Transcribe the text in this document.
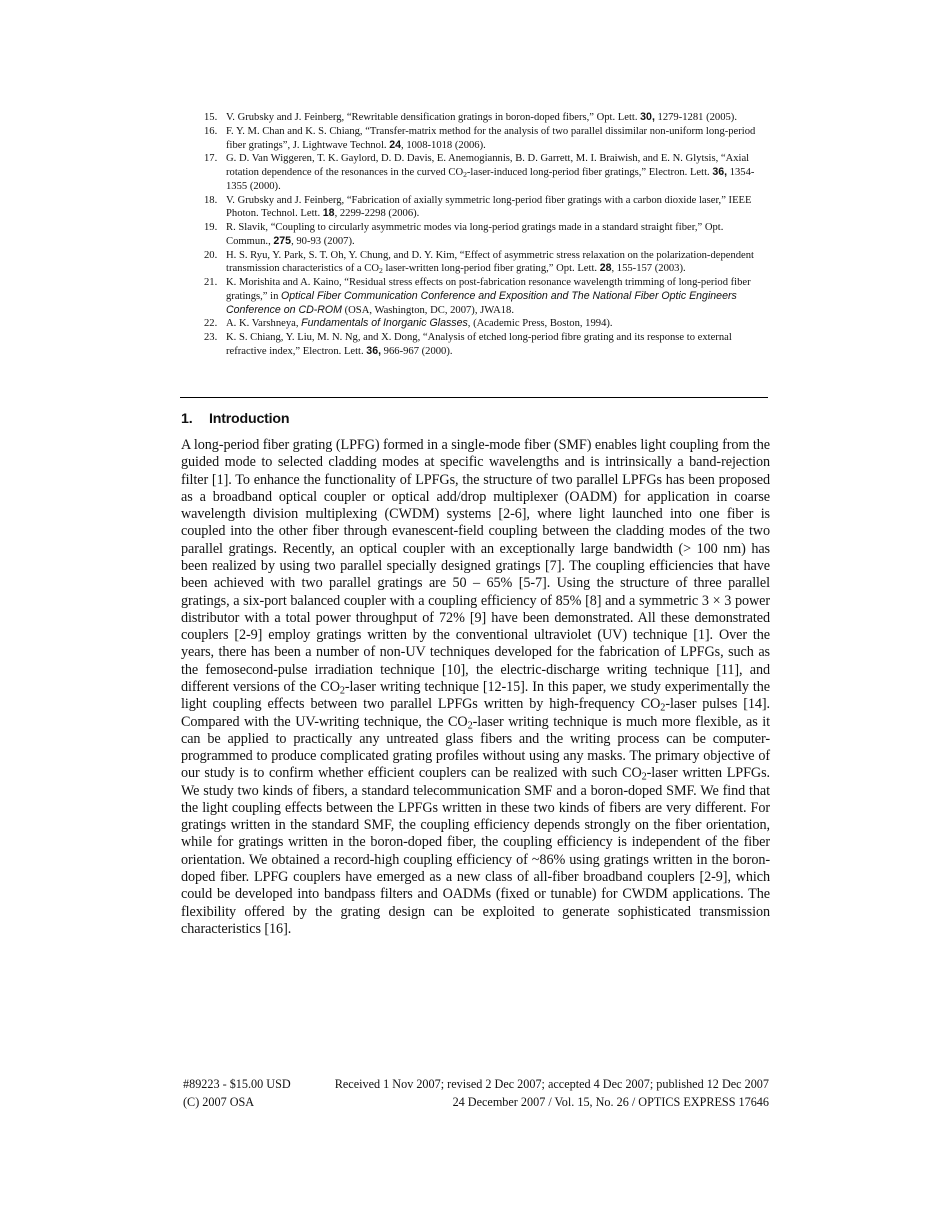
15. V. Grubsky and J. Feinberg, “Rewritable densification gratings in boron-doped fibers,” Opt. Lett. 30, 1279-1281 (2005).
16. F. Y. M. Chan and K. S. Chiang, “Transfer-matrix method for the analysis of two parallel dissimilar non-uniform long-period fiber gratings”, J. Lightwave Technol. 24, 1008-1018 (2006).
17. G. D. Van Wiggeren, T. K. Gaylord, D. D. Davis, E. Anemogiannis, B. D. Garrett, M. I. Braiwish, and E. N. Glytsis, “Axial rotation dependence of the resonances in the curved $CO_2-laser$-induced long-period fiber gratings,” Electron. Lett. 36, 1354-1355 (2000).
18. V. Grubsky and J. Feinberg, “Fabrication of axially symmetric long-period fiber gratings with a carbon dioxide laser,” IEEE Photon. Technol. Lett. 18, 2299-2298 (2006).
19. R. Slavik, “Coupling to circularly asymmetric modes via long-period gratings made in a standard straight fiber,” Opt. Commun., 275, 90-93 (2007).
20. H. S. Ryu, Y. Park, S. T. Oh, Y. Chung, and D. Y. Kim, “Effect of asymmetric stress relaxation on the polarization-dependent transmission characteristics of a $CO_2$ laser-written long-period fiber grating,” Opt. Lett. 28, 155-157 (2003).
21. K. Morishita and A. Kaino, “Residual stress effects on post-fabrication resonance wavelength trimming of long-period fiber gratings,” in Optical Fiber Communication Conference and Exposition and The National Fiber Optic Engineers Conference on CD-ROM (OSA, Washington, DC, 2007), JWA18.
22. A. K. Varshneya, Fundamentals of Inorganic Glasses, (Academic Press, Boston, 1994).
23. K. S. Chiang, Y. Liu, M. N. Ng, and X. Dong, “Analysis of etched long-period fibre grating and its response to external refractive index,” Electron. Lett. 36, 966-967 (2000).
1. Introduction

A long-period fiber grating (LPFG) formed in a single-mode fiber (SMF) enables light coupling from the guided mode to selected cladding modes at specific wavelengths and is intrinsically a band-rejection filter [1]. To enhance the functionality of LPFGs, the structure of two parallel LPFGs has been proposed as a broadband optical coupler or optical add/drop multiplexer (OADM) for application in coarse wavelength division multiplexing (CWDM) systems [2-6], where light launched into one fiber is coupled into the other fiber through evanescent-field coupling between the cladding modes of the two parallel gratings. Recently, an optical coupler with an exceptionally large bandwidth (> 100 nm) has been realized by using two parallel specially designed gratings [7]. The coupling efficiencies that have been achieved with two parallel gratings are 50 – 65% [5-7]. Using the structure of three parallel gratings, a six-port balanced coupler with a coupling efficiency of 85% [8] and a symmetric 3 × 3 power distributor with a total power throughput of 72% [9] have been demonstrated. All these demonstrated couplers [2-9] employ gratings written by the conventional ultraviolet (UV) technique [1]. Over the years, there has been a number of non-UV techniques developed for the fabrication of LPFGs, such as the femosecond-pulse irradiation technique [10], the electric-discharge writing technique [11], and different versions of the $CO_2$-laser writing technique [12-15]. In this paper, we study experimentally the light coupling effects between two parallel LPFGs written by high-frequency $CO_2$-laser pulses [14]. Compared with the UV-writing technique, the $CO_2$-laser writing technique is much more flexible, as it can be applied to practically any untreated glass fibers and the writing process can be computer-programmed to produce complicated grating profiles without using any masks. The primary objective of our study is to confirm whether efficient couplers can be realized with such $CO_2$-laser written LPFGs. We study two kinds of fibers, a standard telecommunication SMF and a boron-doped SMF. We find that the light coupling effects between the LPFGs written in these two kinds of fibers are very different. For gratings written in the standard SMF, the coupling efficiency depends strongly on the fiber orientation, while for gratings written in the boron-doped fiber, the coupling efficiency is independent of the fiber orientation. We obtained a record-high coupling efficiency of ~86% using gratings written in the boron-doped fiber. LPFG couplers have emerged as a new class of all-fiber broadband couplers [2-9], which could be developed into bandpass filters and OADMs (fixed or tunable) for CWDM applications. The flexibility offered by the grating design can be exploited to generate sophisticated transmission characteristics [16].

#89223 - $15.00 USD	Received 1 Nov 2007; revised 2 Dec 2007; accepted 4 Dec 2007; published 12 Dec 2007
(C) 2007 OSA	24 December 2007 / Vol. 15, No. 26 / OPTICS EXPRESS 17646
